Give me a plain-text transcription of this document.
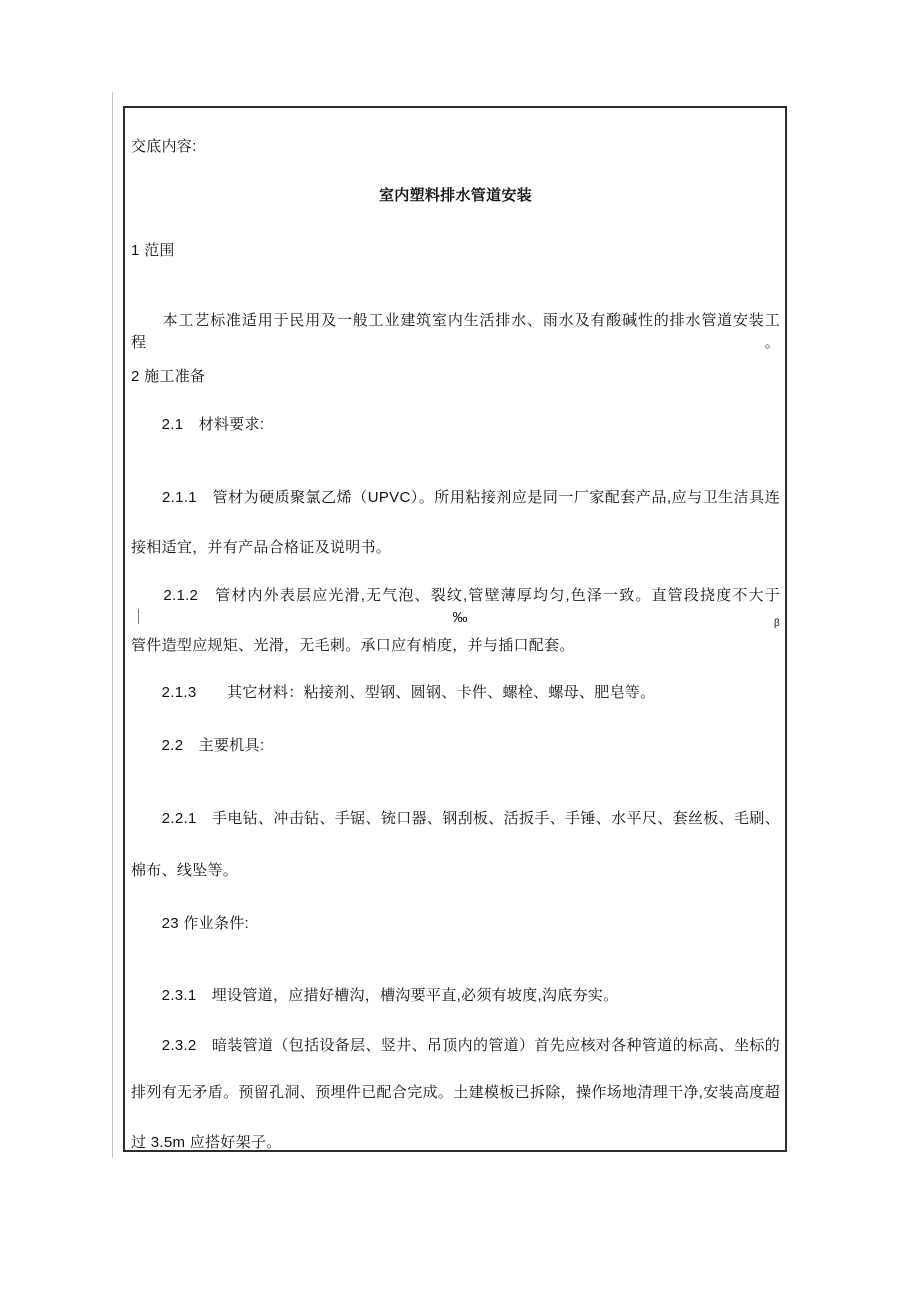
交底内容:
室内塑料排水管道安装
1 范围
　　本工艺标准适用于民用及一般工业建筑室内生活排水、雨水及有酸碱性的排水管道安装工程。
2 施工准备
　　2.1　材料要求:
　　2.1.1　管材为硬质聚氯乙烯（UPVC）。所用粘接剂应是同一厂家配套产品,应与卫生洁具连
接相适宜，并有产品合格证及说明书。
　　2.1.2　管材内外表层应光滑,无气泡、裂纹,管壁薄厚均匀,色泽一致。直管段挠度不大于$|‰_\beta$
管件造型应规矩、光滑，无毛刺。承口应有梢度，并与插口配套。
　　2.1.3　　其它材料：粘接剂、型钢、圆钢、卡件、螺栓、螺母、肥皂等。
　　2.2　主要机具:
　　2.2.1　手电钻、冲击钻、手锯、铳口器、钢刮板、活扳手、手锤、水平尺、套丝板、毛刷、
棉布、线坠等。
　　23 作业条件:
　　2.3.1　埋设管道，应措好槽沟，槽沟要平直,必须有坡度,沟底夯实。
　　2.3.2　暗装管道（包括设备层、竖井、吊顶内的管道）首先应核对各种管道的标高、坐标的
排列有无矛盾。预留孔洞、预埋件已配合完成。土建模板已拆除，操作场地清理干净,安装高度超
过 3.5m 应搭好架子。
